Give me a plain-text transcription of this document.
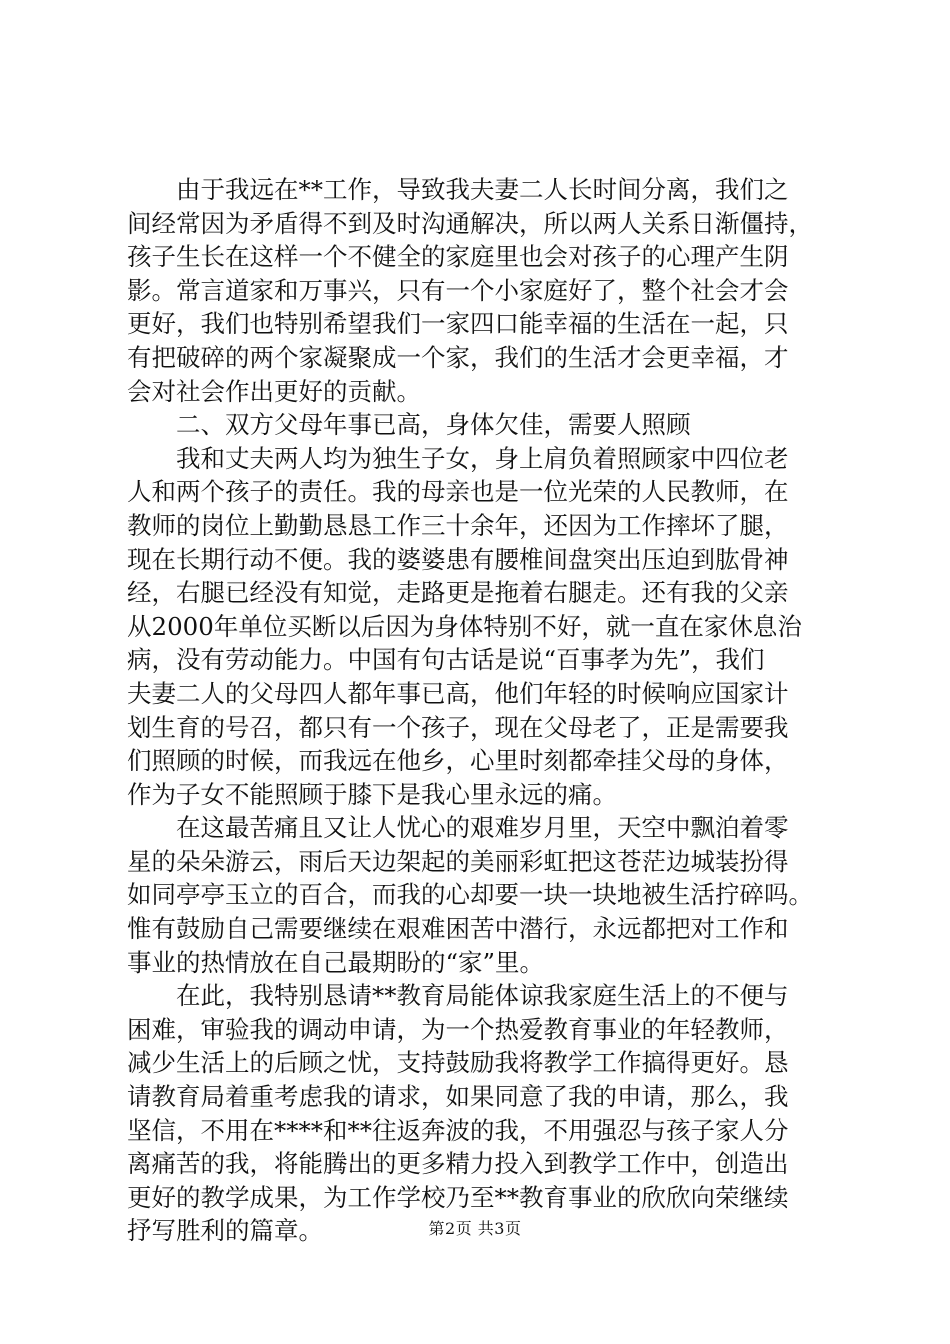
　　由于我远在**工作，导致我夫妻二人长时间分离，我们之

间经常因为矛盾得不到及时沟通解决，所以两人关系日渐僵持，

孩子生长在这样一个不健全的家庭里也会对孩子的心理产生阴

影。常言道家和万事兴，只有一个小家庭好了，整个社会才会

更好，我们也特别希望我们一家四口能幸福的生活在一起，只

有把破碎的两个家凝聚成一个家，我们的生活才会更幸福，才

会对社会作出更好的贡献。

　　二、双方父母年事已高，身体欠佳，需要人照顾

　　我和丈夫两人均为独生子女，身上肩负着照顾家中四位老

人和两个孩子的责任。我的母亲也是一位光荣的人民教师，在

教师的岗位上勤勤恳恳工作三十余年，还因为工作摔坏了腿，

现在长期行动不便。我的婆婆患有腰椎间盘突出压迫到肱骨神

经，右腿已经没有知觉，走路更是拖着右腿走。还有我的父亲

从2000年单位买断以后因为身体特别不好，就一直在家休息治

病，没有劳动能力。中国有句古话是说“百事孝为先”，我们

夫妻二人的父母四人都年事已高，他们年轻的时候响应国家计

划生育的号召，都只有一个孩子，现在父母老了，正是需要我

们照顾的时候，而我远在他乡，心里时刻都牵挂父母的身体，

作为子女不能照顾于膝下是我心里永远的痛。

　　在这最苦痛且又让人忧心的艰难岁月里，天空中飘泊着零

星的朵朵游云，雨后天边架起的美丽彩虹把这苍茫边城装扮得

如同亭亭玉立的百合，而我的心却要一块一块地被生活拧碎吗。

惟有鼓励自己需要继续在艰难困苦中潜行，永远都把对工作和

事业的热情放在自己最期盼的“家”里。

　　在此，我特别恳请**教育局能体谅我家庭生活上的不便与

困难，审验我的调动申请，为一个热爱教育事业的年轻教师，

减少生活上的后顾之忧，支持鼓励我将教学工作搞得更好。恳

请教育局着重考虑我的请求，如果同意了我的申请，那么，我

坚信，不用在****和**往返奔波的我，不用强忍与孩子家人分

离痛苦的我，将能腾出的更多精力投入到教学工作中，创造出

更好的教学成果，为工作学校乃至**教育事业的欣欣向荣继续

抒写胜利的篇章。	第2页 共3页
